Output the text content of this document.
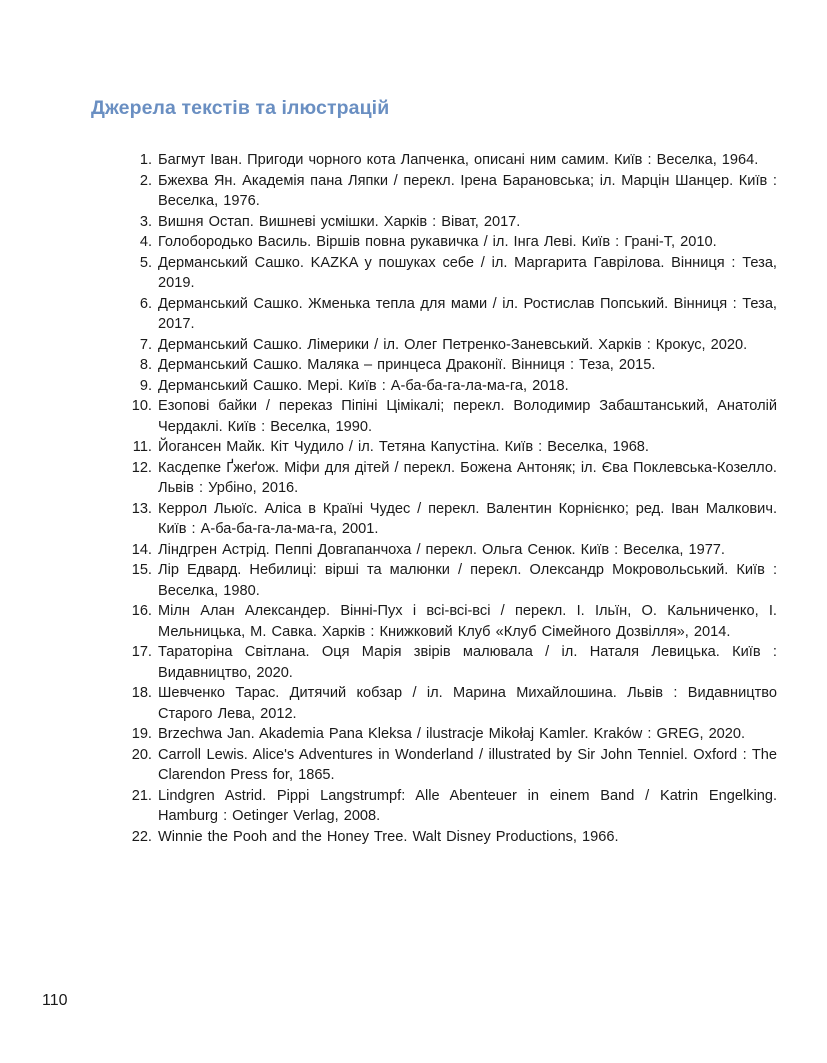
Джерела текстів та ілюстрацій
1. Багмут Іван. Пригоди чорного кота Лапченка, описані ним самим. Київ : Веселка, 1964.
2. Бжехва Ян. Академія пана Ляпки / перекл. Ірена Барановська; іл. Марцін Шанцер. Київ : Веселка, 1976.
3. Вишня Остап. Вишневі усмішки. Харків : Віват, 2017.
4. Голобородько Василь. Віршів повна рукавичка / іл. Інга Леві. Київ : Грані-Т, 2010.
5. Дерманський Сашко. KAZKA у пошуках себе / іл. Маргарита Гаврілова. Вінниця : Теза, 2019.
6. Дерманський Сашко. Жменька тепла для мами / іл. Ростислав Попський. Вінниця : Теза, 2017.
7. Дерманський Сашко. Лімерики / іл. Олег Петренко-Заневський. Харків : Крокус, 2020.
8. Дерманський Сашко. Маляка – принцеса Драконії. Вінниця : Теза, 2015.
9. Дерманський Сашко. Мері. Київ : А-ба-ба-га-ла-ма-га, 2018.
10. Езопові байки / переказ Піпіні Цімікалі; перекл. Володимир Забаштанський, Анатолій Чердаклі. Київ : Веселка, 1990.
11. Йогансен Майк. Кіт Чудило / іл. Тетяна Капустіна. Київ : Веселка, 1968.
12. Касдепке Ґжеґож. Міфи для дітей / перекл. Божена Антоняк; іл. Єва Поклевська-Козелло. Львів : Урбіно, 2016.
13. Керрол Льюїс. Аліса в Країні Чудес / перекл. Валентин Корнієнко; ред. Іван Малкович. Київ : А-ба-ба-га-ла-ма-га, 2001.
14. Ліндгрен Астрід. Пеппі Довгапанчоха / перекл. Ольга Сенюк. Київ : Веселка, 1977.
15. Лір Едвард. Небилиці: вірші та малюнки / перекл. Олександр Мокровольський. Київ : Веселка, 1980.
16. Мілн Алан Александер. Вінні-Пух і всі-всі-всі / перекл. І. Ільїн, О. Кальниченко, І. Мельницька, М. Савка. Харків : Книжковий Клуб «Клуб Сімейного Дозвілля», 2014.
17. Тараторіна Світлана. Оця Марія звірів малювала / іл. Наталя Левицька. Київ : Видавництво, 2020.
18. Шевченко Тарас. Дитячий кобзар / іл. Марина Михайлошина. Львів : Видавництво Старого Лева, 2012.
19. Brzechwa Jan. Akademia Pana Kleksa / ilustracje Mikołaj Kamler. Kraków : GREG, 2020.
20. Carroll Lewis. Alice's Adventures in Wonderland / illustrated by Sir John Tenniel. Oxford : The Clarendon Press for, 1865.
21. Lindgren Astrid. Pippi Langstrumpf: Alle Abenteuer in einem Band / Katrin Engelking. Hamburg : Oetinger Verlag, 2008.
22. Winnie the Pooh and the Honey Tree. Walt Disney Productions, 1966.
110
